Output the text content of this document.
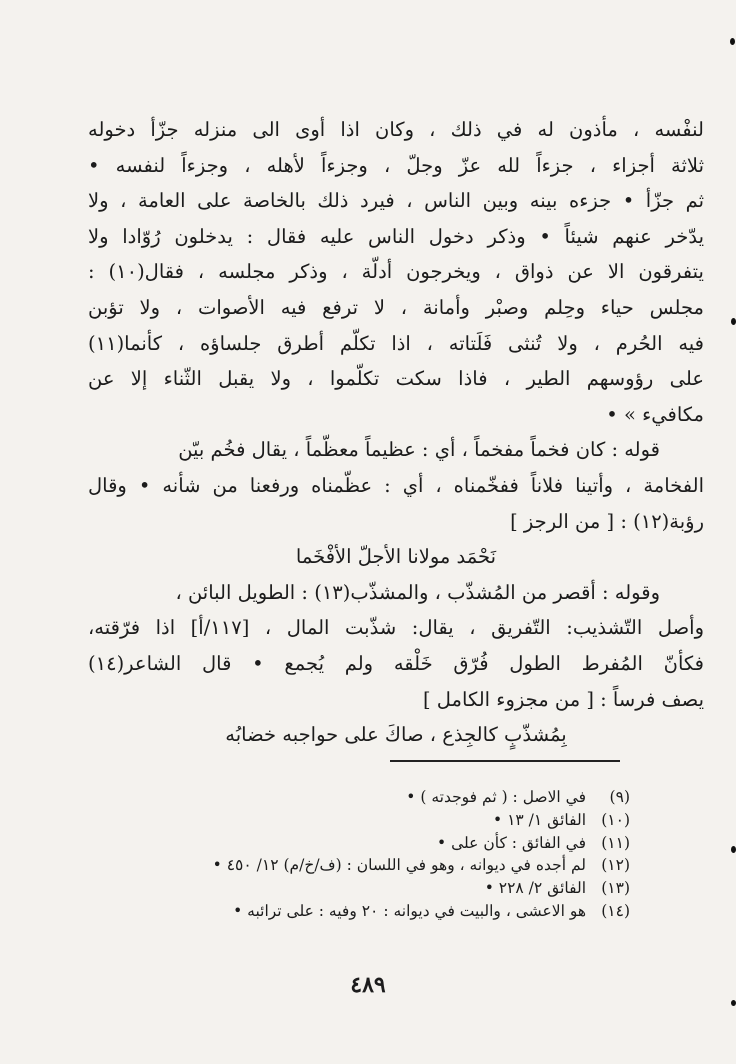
لنفْسه ، مأذون له في ذلك ، وكان اذا أوى الى منزله جزّأ دخوله
ثلاثة أجزاء ، جزءاً لله عزّ وجلّ ، وجزءاً لأهله ، وجزءاً لنفسه •
ثم جزّأ • جزءه بينه وبين الناس ، فيرد ذلك بالخاصة على العامة ، ولا
يدّخر عنهم شيئاً • وذكر دخول الناس عليه فقال : يدخلون رُوّادا ولا
يتفرقون الا عن ذواق ، ويخرجون أدلّة ، وذكر مجلسه ، فقال(١٠) :
مجلس حياء وحِلم وصبْر وأمانة ، لا ترفع فيه الأصوات ، ولا تؤبن
فيه الحُرم ، ولا تُنثى فَلَتاته ، اذا تكلّم أطرق جلساؤه ، كأنما(١١)
على رؤوسهم الطير ، فاذا سكت تكلّموا ، ولا يقبل الثّناء إلا عن
مكافيء » •
قوله : كان فخماً مفخماً ، أي : عظيماً معظّماً ، يقال فخُم بيّن
الفخامة ، وأتينا فلاناً ففخّمناه ، أي : عظّمناه ورفعنا من شأنه • وقال
رؤبة(١٢) : [ من الرجز ]
نَحْمَد مولانا الأجلّ الأفْخَما
وقوله : أقصر من المُشذّب ، والمشذّب(١٣) : الطويل البائن ،
وأصل التّشذيب: التّفريق ، يقال: شذّبت المال ، [١١٧/أ] اذا فرّقته،
فكأنّ المُفرط الطول فُرّق خَلْقه ولم يُجمع • قال الشاعر(١٤)
يصف فرساً : [ من مجزوء الكامل ]
بِمُشذّبٍ كالجِذع ، صاكَ على حواجبه خضابُه
(٩)
في الاصل : ( ثم فوجدته ) •
(١٠)
الفائق ١/ ١٣ •
(١١)
في الفائق : كأن على •
(١٢)
لم أجده في ديوانه ، وهو في اللسان : (ف/خ/م) ١٢/ ٤٥٠ •
(١٣)
الفائق ٢/ ٢٢٨ •
(١٤)
هو الاعشى ، والبيت في ديوانه : ٢٠ وفيه : على ترائبه •
٤٨٩
